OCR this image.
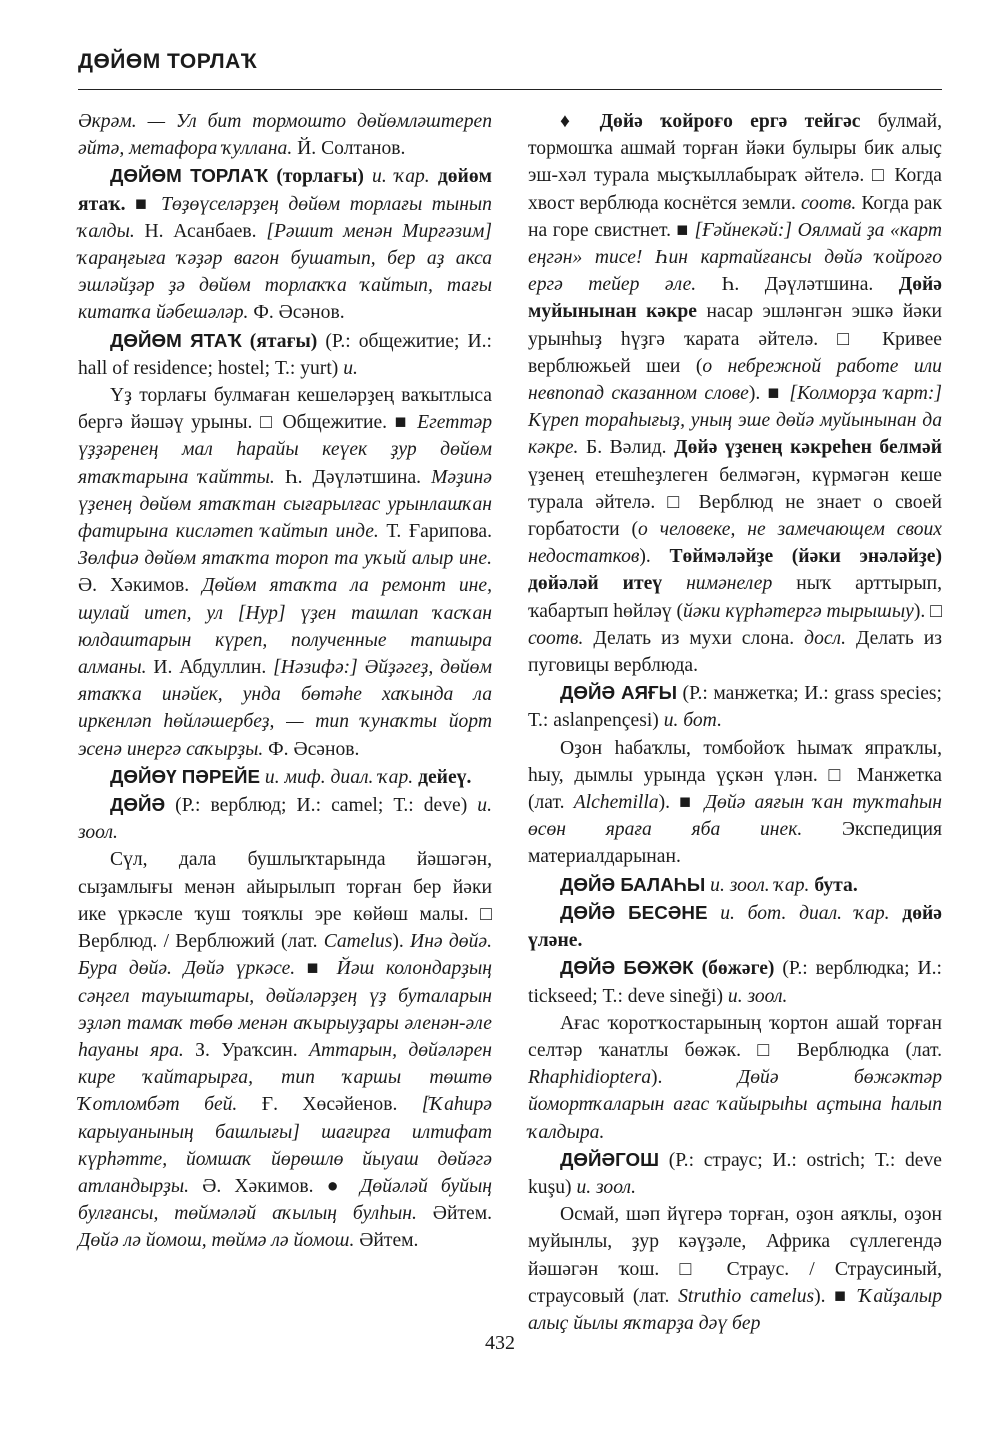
ДӨЙӨМ ТОРЛАҠ

Әкрәм. — Ул бит тормошто дөйөмләштереп әйтә, метафора ҡуллана. Й. Солтанов.

ДӨЙӨМ ТОРЛАҠ (торлағы) и. ҡар. дөйөм ятаҡ. ■ Төҙөүселәрҙең дөйөм торлағы тынып ҡалды. Н. Асанбаев. [Рәшит менән Мирғәзим] ҡараңғыға ҡәҙәр вагон бушатып, бер аҙ акса эшләйҙәр ҙә дөйөм торлаҡҡа ҡайтып, тағы китапҡа йәбешәләр. Ф. Әсәнов.

ДӨЙӨМ ЯТАҠ (ятағы) (Р.: общежитие; И.: hall of residence; hostel; Т.: yurt) и.

Үҙ торлағы булмаған кешеләрҙең ваҡытлыса бергә йәшәү урыны. □ Общежитие. ■ Егеттәр үҙҙәренең мал һарайы кеүек ҙур дөйөм ятаҡтарына ҡайтты. Һ. Дәүләтшина. Мәҙинә үҙенең дөйөм ятаҡтан сығарылғас урынлашҡан фатирына кисләтеп ҡайтып инде. Т. Ғарипова. Зөлфиә дөйөм ятаҡта тороп та уҡый алыр ине. Ә. Хәкимов. Дөйөм ятаҡта ла ремонт ине, шулай итеп, ул [Нур] үҙен ташлап ҡасҡан юлдаштарын күреп, полученные тапшыра алманы. И. Абдуллин. [Нәзифә:] Әйҙәгеҙ, дөйөм ятаҡҡа инәйек, унда бөтәһе хаҡында ла иркенләп һөйләшербеҙ, — тип ҡунаҡты йорт эсенә инергә саҡырҙы. Ф. Әсәнов.

ДӨЙӨҮ ПӘРЕЙЕ и. миф. диал. ҡар. дейеү.

ДӨЙӘ (Р.: верблюд; И.: camel; Т.: deve) и. зоол.

Сүл, дала бушлыҡтарында йәшәгән, сыҙамлығы менән айырылып торған бер йәки ике үркәсле ҡуш тояҡлы эре көйөш малы. □ Верблюд. / Верблюжий (лат. Camelus). Инә дөйә. Бура дөйә. Дөйә үркәсе. ■ Йәш колондарҙың сәңгел тауыштары, дөйәләрҙең үҙ буталарын эҙләп тамаҡ төбө менән аҡырыуҙары әленән-әле һауаны яра. З. Ураҡсин. Аттарын, дөйәләрен кире ҡайтарырға, тип ҡаршы төштө Ҡотломбәт бей. Ғ. Хөсәйенов. [Ҡаһирә карыуанының башлығы] шағирға илтифат күрһәтте, йомшаҡ йөрөшлө йыуаш дөйәгә атландырҙы. Ә. Хәкимов. ● Дөйәләй буйың булғансы, төймәләй аҡылың булһын. Әйтем. Дөйә лә йомош, төймә лә йомош. Әйтем.

♦ Дөйә ҡойроғо ергә тейгәс булмай, тормошҡа ашмай торған йәки булыры бик алыҫ эш-хәл турала мыҫҡыллабыраҡ әйтелә. □ Когда хвост верблюда коснётся земли. соотв. Когда рак на горе свистнет. ■ [Ғәйнекәй:] Оялмай ҙа «карт еңгән» тисе! Һин картайғансы дөйә ҡойроғо ергә тейер әле. Һ. Дәүләтшина. Дөйә муйынынан кәкре насар эшләнгән эшкә йәки урынһыҙ һүҙгә ҡарата әйтелә. □ Кривее верблюжьей шеи (о небрежной работе или невпопад сказанном слове). ■ [Колморҙа ҡарт:] Күреп тораһығыҙ, уның эше дөйә муйынынан да кәкре. Б. Вәлид. Дөйә үҙенең кәкреһен белмәй үҙенең етешһеҙлеген белмәгән, күрмәгән кеше турала әйтелә. □ Верблюд не знает о своей горбатости (о человеке, не замечающем своих недостатков). Төймәләйҙе (йәки энәләйҙе) дөйәләй итеү нимәнелер ныҡ арттырып, ҡабартып һөйләү (йәки күрһәтергә тырышыу). □ соотв. Делать из мухи слона. досл. Делать из пуговицы верблюда.

ДӨЙӘ АЯҒЫ (Р.: манжетка; И.: grass species; Т.: aslanpençesi) и. бот.

Оҙон һабаҡлы, томбойоҡ һымаҡ япраҡлы, һыу, дымлы урында үҫкән үлән. □ Манжетка (лат. Alchemilla). ■ Дөйә аяғын ҡан туҡтаһын өсөн ярағa яба инек. Экспедиция материалдарынан.

ДӨЙӘ БАЛАҺЫ и. зоол. ҡар. бута.

ДӨЙӘ БЕСӘНЕ и. бот. диал. ҡар. дөйә үләне.

ДӨЙӘ БӨЖӘК (бөжәге) (Р.: верблюдка; И.: tickseed; Т.: deve sineği) и. зоол.

Ағас ҡоротҡостарының ҡортон ашай торған селтәр ҡанатлы бөжәк. □ Верблюдка (лат. Rhaphidioptera). Дөйә бөжәктәр йомортҡаларын ағас ҡайырыһы аҫтына һалып ҡалдыра.

ДӨЙӘГОШ (Р.: страус; И.: ostrich; Т.: deve kuşu) и. зоол.

Осмай, шәп йүгерә торған, оҙон аяҡлы, оҙон муйынлы, ҙур кәүҙәле, Африка сүллегендә йәшәгән ҡош. □ Страус. / Страусиный, страусовый (лат. Struthio camelus). ■ Ҡайҙалыр алыҫ йылы яҡтарҙа дәү бер

432
